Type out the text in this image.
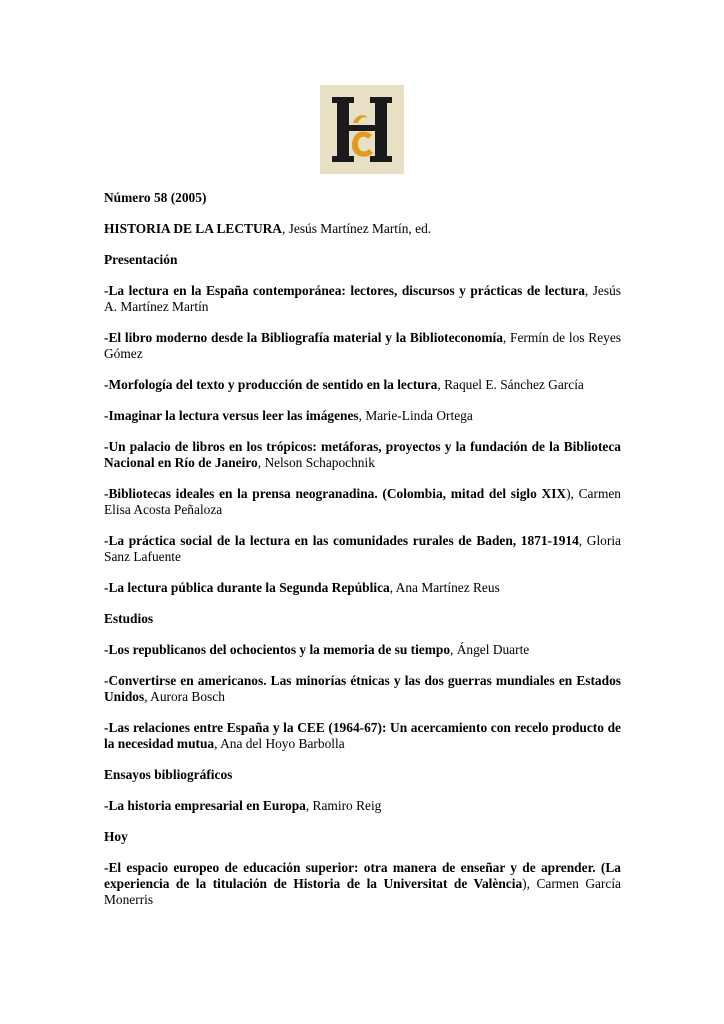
Número 58 (2005)

HISTORIA DE LA LECTURA, Jesús Martínez Martín, ed.

Presentación

-La lectura en la España contemporánea: lectores, discursos y prácticas de lectura, Jesús A. Martínez Martín

-El libro moderno desde la Bibliografía material y la Biblioteconomía, Fermín de los Reyes Gómez

-Morfología del texto y producción de sentido en la lectura, Raquel E. Sánchez García

-Imaginar la lectura versus leer las imágenes, Marie-Linda Ortega

-Un palacio de libros en los trópicos: metáforas, proyectos y la fundación de la Biblioteca Nacional en Río de Janeiro, Nelson Schapochnik

-Bibliotecas ideales en la prensa neogranadina. (Colombia, mitad del siglo XIX), Carmen Elisa Acosta Peñaloza

-La práctica social de la lectura en las comunidades rurales de Baden, 1871-1914, Gloria Sanz Lafuente

-La lectura pública durante la Segunda República, Ana Martínez Reus

Estudios

-Los republicanos del ochocientos y la memoria de su tiempo, Ángel Duarte

-Convertirse en americanos. Las minorías étnicas y las dos guerras mundiales en Estados Unidos, Aurora Bosch

-Las relaciones entre España y la CEE (1964-67): Un acercamiento con recelo producto de la necesidad mutua, Ana del Hoyo Barbolla

Ensayos bibliográficos

-La historia empresarial en Europa, Ramiro Reig

Hoy

-El espacio europeo de educación superior: otra manera de enseñar y de aprender. (La experiencia de la titulación de Historia de la Universitat de València), Carmen García Monerris
